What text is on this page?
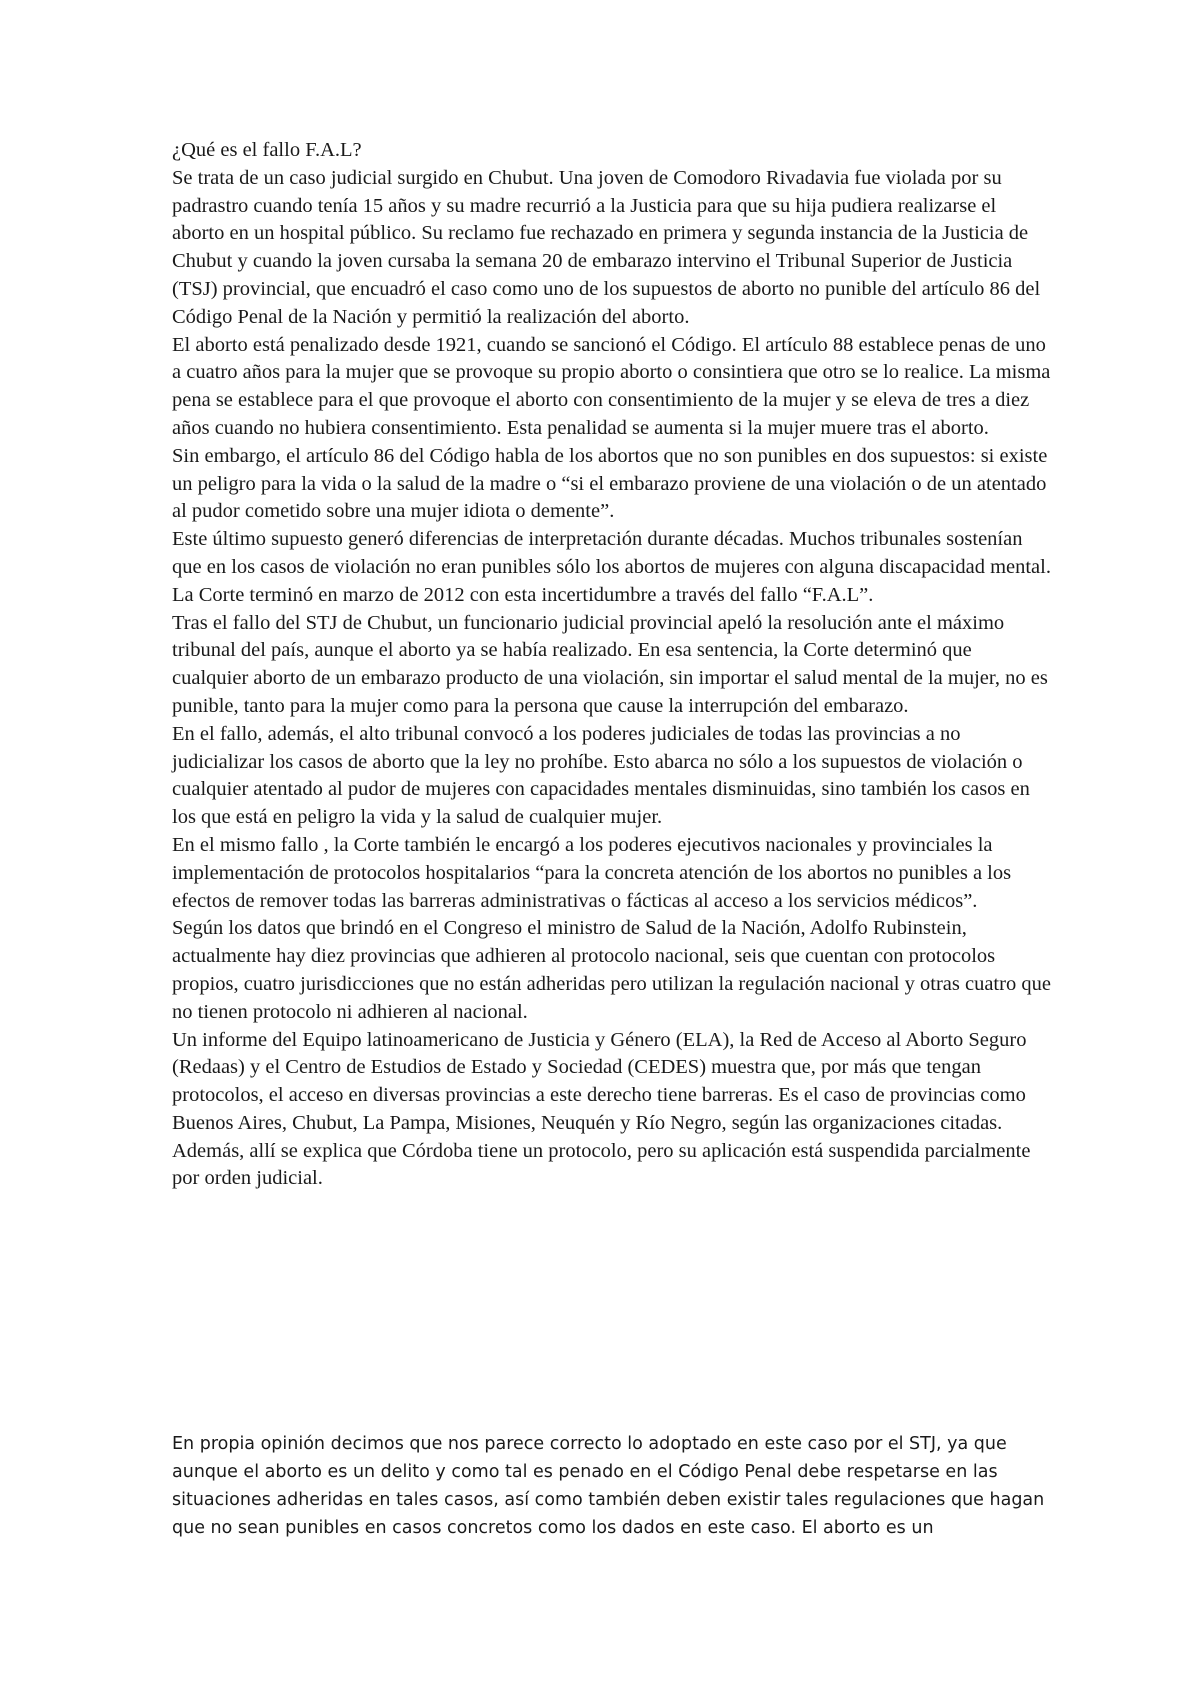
¿Qué es el fallo F.A.L?

Se trata de un caso judicial surgido en Chubut. Una joven de Comodoro Rivadavia fue violada por su padrastro cuando tenía 15 años y su madre recurrió a la Justicia para que su hija pudiera realizarse el aborto en un hospital público. Su reclamo fue rechazado en primera y segunda instancia de la Justicia de Chubut y cuando la joven cursaba la semana 20 de embarazo intervino el Tribunal Superior de Justicia (TSJ) provincial, que encuadró el caso como uno de los supuestos de aborto no punible del artículo 86 del Código Penal de la Nación y permitió la realización del aborto.

El aborto está penalizado desde 1921, cuando se sancionó el Código. El artículo 88 establece penas de uno a cuatro años para la mujer que se provoque su propio aborto o consintiera que otro se lo realice. La misma pena se establece para el que provoque el aborto con consentimiento de la mujer y se eleva de tres a diez años cuando no hubiera consentimiento. Esta penalidad se aumenta si la mujer muere tras el aborto.

Sin embargo, el artículo 86 del Código habla de los abortos que no son punibles en dos supuestos: si existe un peligro para la vida o la salud de la madre o “si el embarazo proviene de una violación o de un atentado al pudor cometido sobre una mujer idiota o demente”.

Este último supuesto generó diferencias de interpretación durante décadas. Muchos tribunales sostenían que en los casos de violación no eran punibles sólo los abortos de mujeres con alguna discapacidad mental. La Corte terminó en marzo de 2012 con esta incertidumbre a través del fallo “F.A.L”.

Tras el fallo del STJ de Chubut, un funcionario judicial provincial apeló la resolución ante el máximo tribunal del país, aunque el aborto ya se había realizado. En esa sentencia, la Corte determinó que cualquier aborto de un embarazo producto de una violación, sin importar el salud mental de la mujer, no es punible, tanto para la mujer como para la persona que cause la interrupción del embarazo.

En el fallo, además, el alto tribunal convocó a los poderes judiciales de todas las provincias a no judicializar los casos de aborto que la ley no prohíbe. Esto abarca no sólo a los supuestos de violación o cualquier atentado al pudor de mujeres con capacidades mentales disminuidas, sino también los casos en los que está en peligro la vida y la salud de cualquier mujer.

En el mismo fallo , la Corte también le encargó a los poderes ejecutivos nacionales y provinciales la implementación de protocolos hospitalarios “para la concreta atención de los abortos no punibles a los efectos de remover todas las barreras administrativas o fácticas al acceso a los servicios médicos”.

Según los datos que brindó en el Congreso el ministro de Salud de la Nación, Adolfo Rubinstein, actualmente hay diez provincias que adhieren al protocolo nacional, seis que cuentan con protocolos propios, cuatro jurisdicciones que no están adheridas pero utilizan la regulación nacional y otras cuatro que no tienen protocolo ni adhieren al nacional.

Un informe del Equipo latinoamericano de Justicia y Género (ELA), la Red de Acceso al Aborto Seguro (Redaas) y el Centro de Estudios de Estado y Sociedad (CEDES) muestra que, por más que tengan protocolos, el acceso en diversas provincias a este derecho tiene barreras. Es el caso de provincias como Buenos Aires, Chubut, La Pampa, Misiones, Neuquén y Río Negro, según las organizaciones citadas. Además, allí se explica que Córdoba tiene un protocolo, pero su aplicación está suspendida parcialmente por orden judicial.

En propia opinión decimos que nos parece correcto lo adoptado en este caso por el STJ, ya que aunque el aborto es un delito y como tal es penado en el Código Penal debe respetarse en las situaciones adheridas en tales casos, así como también deben existir tales regulaciones que hagan que no sean punibles en casos concretos como los dados en este caso. El aborto es un
